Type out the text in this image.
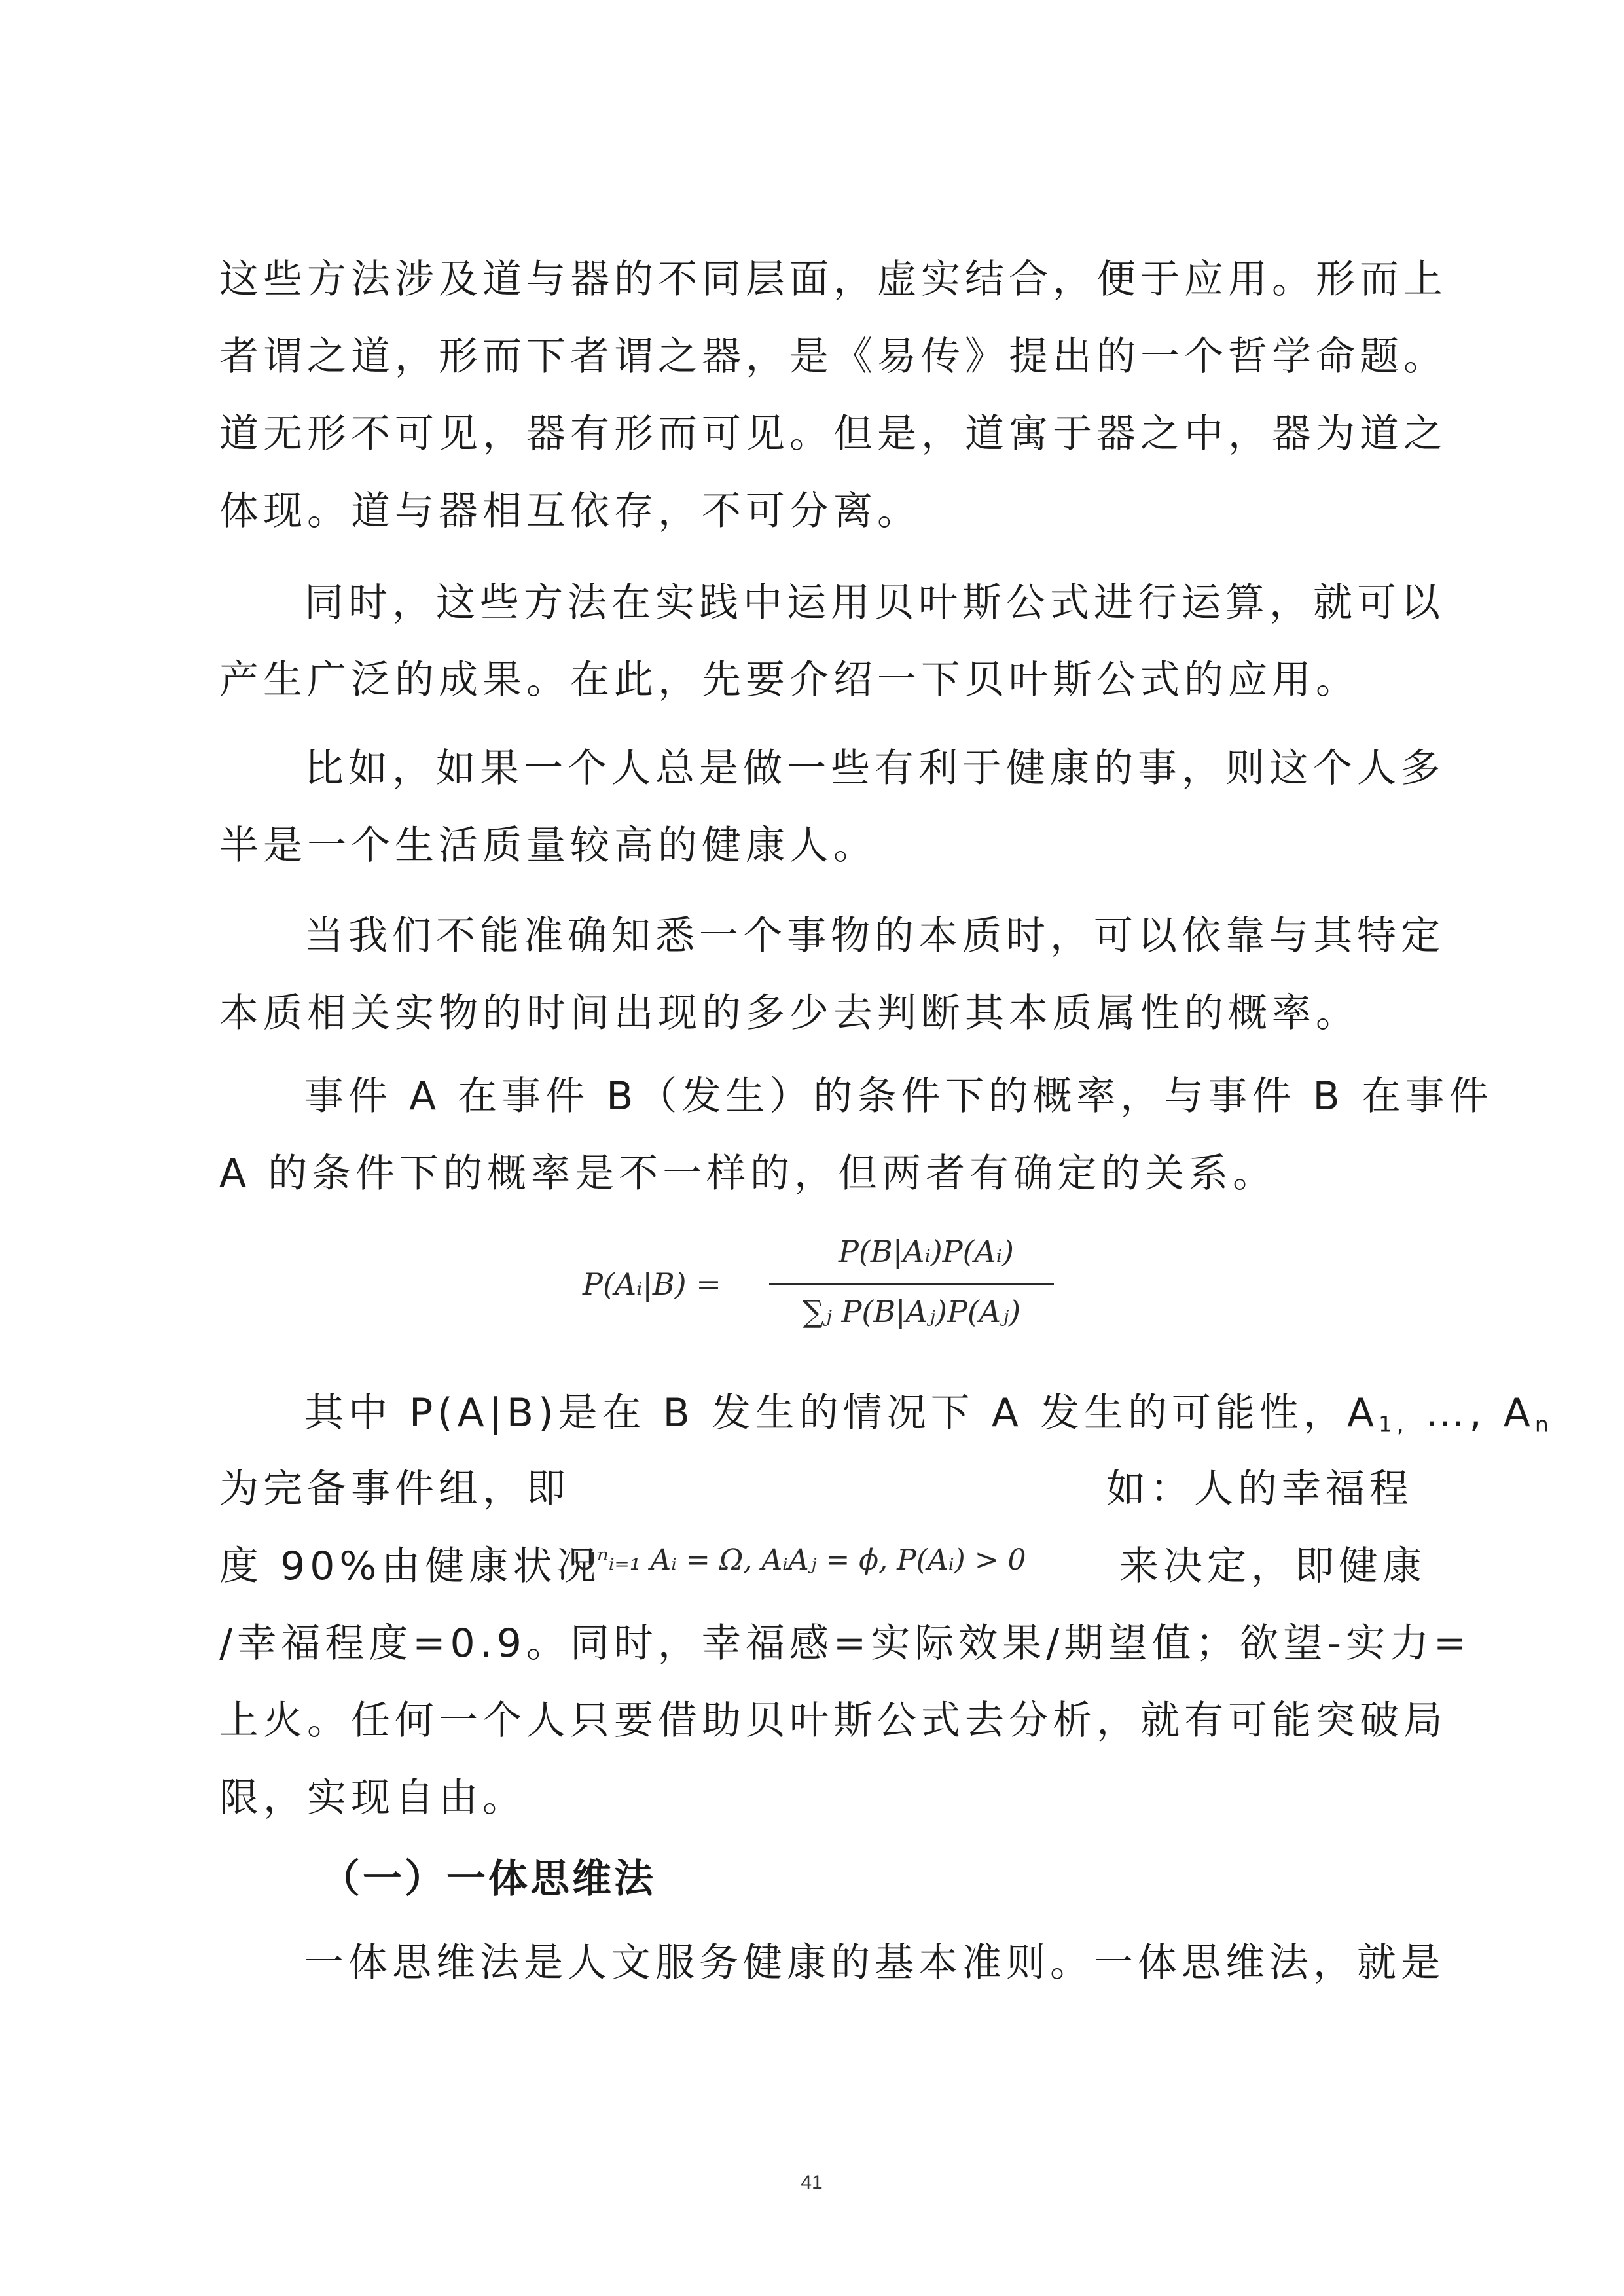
这些方法涉及道与器的不同层面，虚实结合，便于应用。形而上
者谓之道，形而下者谓之器，是《易传》提出的一个哲学命题。
道无形不可见，器有形而可见。但是，道寓于器之中，器为道之
体现。道与器相互依存，不可分离。
同时，这些方法在实践中运用贝叶斯公式进行运算，就可以
产生广泛的成果。在此，先要介绍一下贝叶斯公式的应用。
比如，如果一个人总是做一些有利于健康的事，则这个人多
半是一个生活质量较高的健康人。
当我们不能准确知悉一个事物的本质时，可以依靠与其特定
本质相关实物的时间出现的多少去判断其本质属性的概率。
事件 A 在事件 B（发生）的条件下的概率，与事件 B 在事件
A 的条件下的概率是不一样的，但两者有确定的关系。
P(Aᵢ|B) =
P(B|Aᵢ)P(Aᵢ)
∑ⱼ P(B|Aⱼ)P(Aⱼ)
其中 P(A|B)是在 B 发生的情况下 A 发生的可能性，$A_{1,}$ …, $A_n$
为完备事件组，即	如：人的幸福程
度 90%由健康状况
∪ⁿᵢ₌₁ Aᵢ = Ω, AᵢAⱼ = ϕ, P(Aᵢ) > 0 来决定，即健康
/幸福程度=0.9。同时，幸福感=实际效果/期望值；欲望-实力=
上火。任何一个人只要借助贝叶斯公式去分析，就有可能突破局
限，实现自由。
（一）一体思维法
一体思维法是人文服务健康的基本准则。一体思维法，就是
41
